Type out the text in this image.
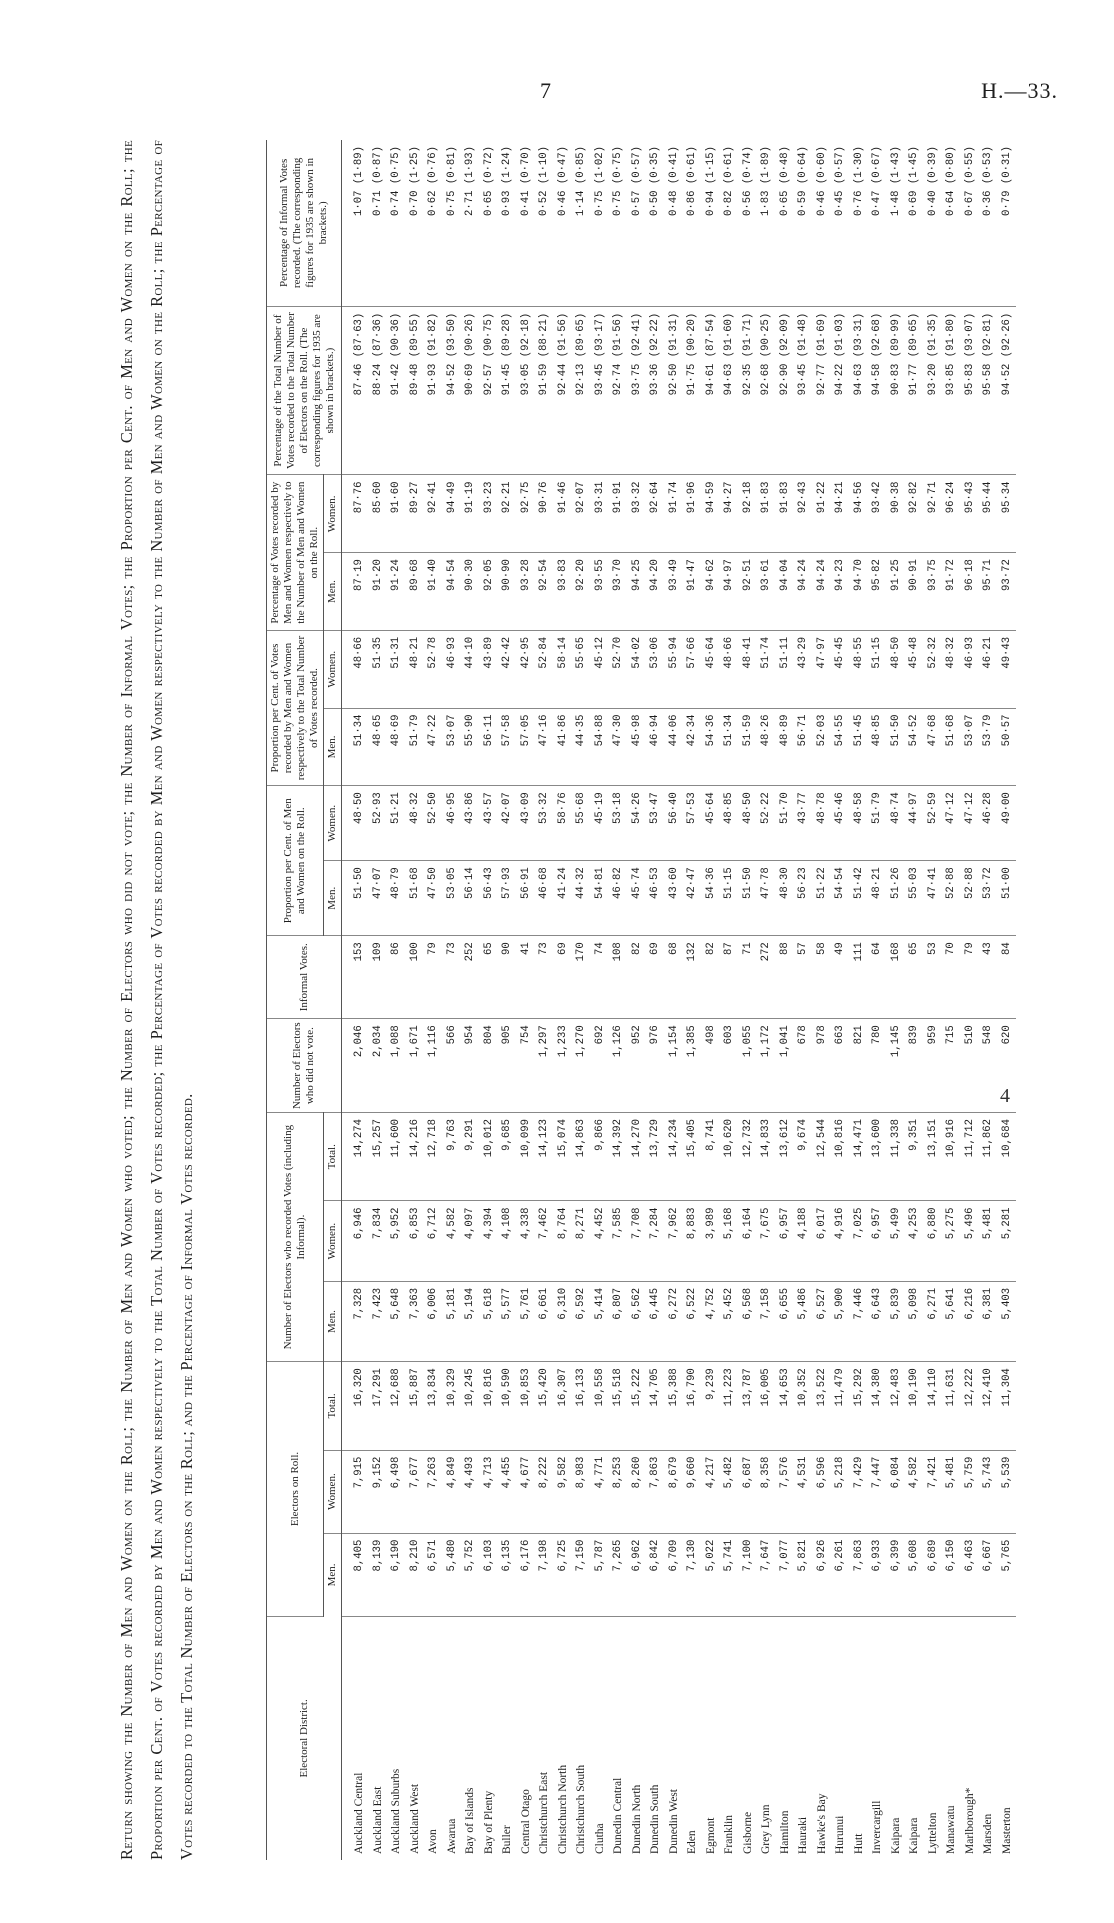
7	H.—33.
4
Return showing the Number of Men and Women on the Roll; the Number of Men and Women who voted; the Number of Electors who did not vote; the Number of Informal Votes; the Proportion per Cent. of Men and Women on the Roll; the Proportion per Cent. of Votes recorded by Men and Women respectively to the Total Number of Votes recorded; the Percentage of Votes recorded by Men and Women respectively to the Number of Men and Women on the Roll; the Percentage of Votes recorded to the Total Number of Electors on the Roll; and the Percentage of Informal Votes recorded.	Electoral District.	Electors on Roll.			Number of Electors who recorded Votes (including Informal).			Number of Electors who did not vote.	Informal Votes.	Proportion per Cent. of Men and Women on the Roll.		Proportion per Cent. of Votes recorded by Men and Women respectively to the Total Number of Votes recorded.		Percentage of Votes recorded by Men and Women respectively to the Number of Men and Women on the Roll.		Percentage of the Total Number of Votes recorded to the Total Number of Electors on the Roll. (The corresponding figures for 1935 are shown in brackets.)	Percentage of Informal Votes recorded. (The corresponding figures for 1935 are shown in brackets.)
	Men.	Women.	Total.	Men.	Women.	Total.			Men.	Women.	Men.	Women.	Men.	Women.		
Auckland Central	8,405	7,915	16,320	7,328	6,946	14,274	2,046	153	51·50	48·50	51·34	48·66	87·19	87·76	87·46 (87·63)	1·07 (1·89)
Auckland East	8,139	9,152	17,291	7,423	7,834	15,257	2,034	109	47·07	52·93	48·65	51·35	91·20	85·60	88·24 (87·36)	0·71 (0·87)
Auckland Suburbs	6,190	6,498	12,688	5,648	5,952	11,600	1,088	86	48·79	51·21	48·69	51·31	91·24	91·60	91·42 (90·36)	0·74 (0·75)
Auckland West	8,210	7,677	15,887	7,363	6,853	14,216	1,671	100	51·68	48·32	51·79	48·21	89·68	89·27	89·48 (89·55)	0·70 (1·25)
Avon	6,571	7,263	13,834	6,006	6,712	12,718	1,116	79	47·50	52·50	47·22	52·78	91·40	92·41	91·93 (91·82)	0·62 (0·76)
Awarua	5,480	4,849	10,329	5,181	4,582	9,763	566	73	53·05	46·95	53·07	46·93	94·54	94·49	94·52 (93·50)	0·75 (0·81)
Bay of Islands	5,752	4,493	10,245	5,194	4,097	9,291	954	252	56·14	43·86	55·90	44·10	90·30	91·19	90·69 (90·26)	2·71 (1·93)
Bay of Plenty	6,103	4,713	10,816	5,618	4,394	10,012	804	65	56·43	43·57	56·11	43·89	92·05	93·23	92·57 (90·75)	0·65 (0·72)
Buller	6,135	4,455	10,590	5,577	4,108	9,685	905	90	57·93	42·07	57·58	42·42	90·90	92·21	91·45 (89·28)	0·93 (1·24)
Central Otago	6,176	4,677	10,853	5,761	4,338	10,099	754	41	56·91	43·09	57·05	42·95	93·28	92·75	93·05 (92·18)	0·41 (0·70)
Christchurch East	7,198	8,222	15,420	6,661	7,462	14,123	1,297	73	46·68	53·32	47·16	52·84	92·54	90·76	91·59 (88·21)	0·52 (1·10)
Christchurch North	6,725	9,582	16,307	6,310	8,764	15,074	1,233	69	41·24	58·76	41·86	58·14	93·83	91·46	92·44 (91·56)	0·46 (0·47)
Christchurch South	7,150	8,983	16,133	6,592	8,271	14,863	1,270	170	44·32	55·68	44·35	55·65	92·20	92·07	92·13 (89·65)	1·14 (0·85)
Clutha	5,787	4,771	10,558	5,414	4,452	9,866	692	74	54·81	45·19	54·88	45·12	93·55	93·31	93·45 (93·17)	0·75 (1·02)
Dunedin Central	7,265	8,253	15,518	6,807	7,585	14,392	1,126	108	46·82	53·18	47·30	52·70	93·70	91·91	92·74 (91·56)	0·75 (0·75)
Dunedin North	6,962	8,260	15,222	6,562	7,708	14,270	952	82	45·74	54·26	45·98	54·02	94·25	93·32	93·75 (92·41)	0·57 (0·57)
Dunedin South	6,842	7,863	14,705	6,445	7,284	13,729	976	69	46·53	53·47	46·94	53·06	94·20	92·64	93·36 (92·22)	0·50 (0·35)
Dunedin West	6,709	8,679	15,388	6,272	7,962	14,234	1,154	68	43·60	56·40	44·06	55·94	93·49	91·74	92·50 (91·31)	0·48 (0·41)
Eden	7,130	9,660	16,790	6,522	8,883	15,405	1,385	132	42·47	57·53	42·34	57·66	91·47	91·96	91·75 (90·20)	0·86 (0·61)
Egmont	5,022	4,217	9,239	4,752	3,989	8,741	498	82	54·36	45·64	54·36	45·64	94·62	94·59	94·61 (87·54)	0·94 (1·15)
Franklin	5,741	5,482	11,223	5,452	5,168	10,620	603	87	51·15	48·85	51·34	48·66	94·97	94·27	94·63 (91·60)	0·82 (0·61)
Gisborne	7,100	6,687	13,787	6,568	6,164	12,732	1,055	71	51·50	48·50	51·59	48·41	92·51	92·18	92·35 (91·71)	0·56 (0·74)
Grey Lynn	7,647	8,358	16,005	7,158	7,675	14,833	1,172	272	47·78	52·22	48·26	51·74	93·61	91·83	92·68 (90·25)	1·83 (1·89)
Hamilton	7,077	7,576	14,653	6,655	6,957	13,612	1,041	88	48·30	51·70	48·89	51·11	94·04	91·83	92·90 (92·09)	0·65 (0·48)
Hauraki	5,821	4,531	10,352	5,486	4,188	9,674	678	57	56·23	43·77	56·71	43·29	94·24	92·43	93·45 (91·48)	0·59 (0·64)
Hawke's Bay	6,926	6,596	13,522	6,527	6,017	12,544	978	58	51·22	48·78	52·03	47·97	94·24	91·22	92·77 (91·69)	0·46 (0·60)
Hurunui	6,261	5,218	11,479	5,900	4,916	10,816	663	49	54·54	45·46	54·55	45·45	94·23	94·21	94·22 (91·03)	0·45 (0·57)
Hutt	7,863	7,429	15,292	7,446	7,025	14,471	821	111	51·42	48·58	51·45	48·55	94·70	94·56	94·63 (93·31)	0·76 (1·30)
Invercargill	6,933	7,447	14,380	6,643	6,957	13,600	780	64	48·21	51·79	48·85	51·15	95·82	93·42	94·58 (92·68)	0·47 (0·67)
Kaipara	6,399	6,084	12,483	5,839	5,499	11,338	1,145	168	51·26	48·74	51·50	48·50	91·25	90·38	90·83 (89·99)	1·48 (1·43)
Kaipara	5,608	4,582	10,190	5,098	4,253	9,351	839	65	55·03	44·97	54·52	45·48	90·91	92·82	91·77 (89·65)	0·69 (1·45)
Lyttelton	6,689	7,421	14,110	6,271	6,880	13,151	959	53	47·41	52·59	47·68	52·32	93·75	92·71	93·20 (91·35)	0·40 (0·39)
Manawatu	6,150	5,481	11,631	5,641	5,275	10,916	715	70	52·88	47·12	51·68	48·32	91·72	96·24	93·85 (91·80)	0·64 (0·80)
Marlborough*	6,463	5,759	12,222	6,216	5,496	11,712	510	79	52·88	47·12	53·07	46·93	96·18	95·43	95·83 (93·07)	0·67 (0·55)
Marsden	6,667	5,743	12,410	6,381	5,481	11,862	548	43	53·72	46·28	53·79	46·21	95·71	95·44	95·58 (92·81)	0·36 (0·53)
Masterton	5,765	5,539	11,304	5,403	5,281	10,684	620	84	51·00	49·00	50·57	49·43	93·72	95·34	94·52 (92·26)	0·79 (0·31)
